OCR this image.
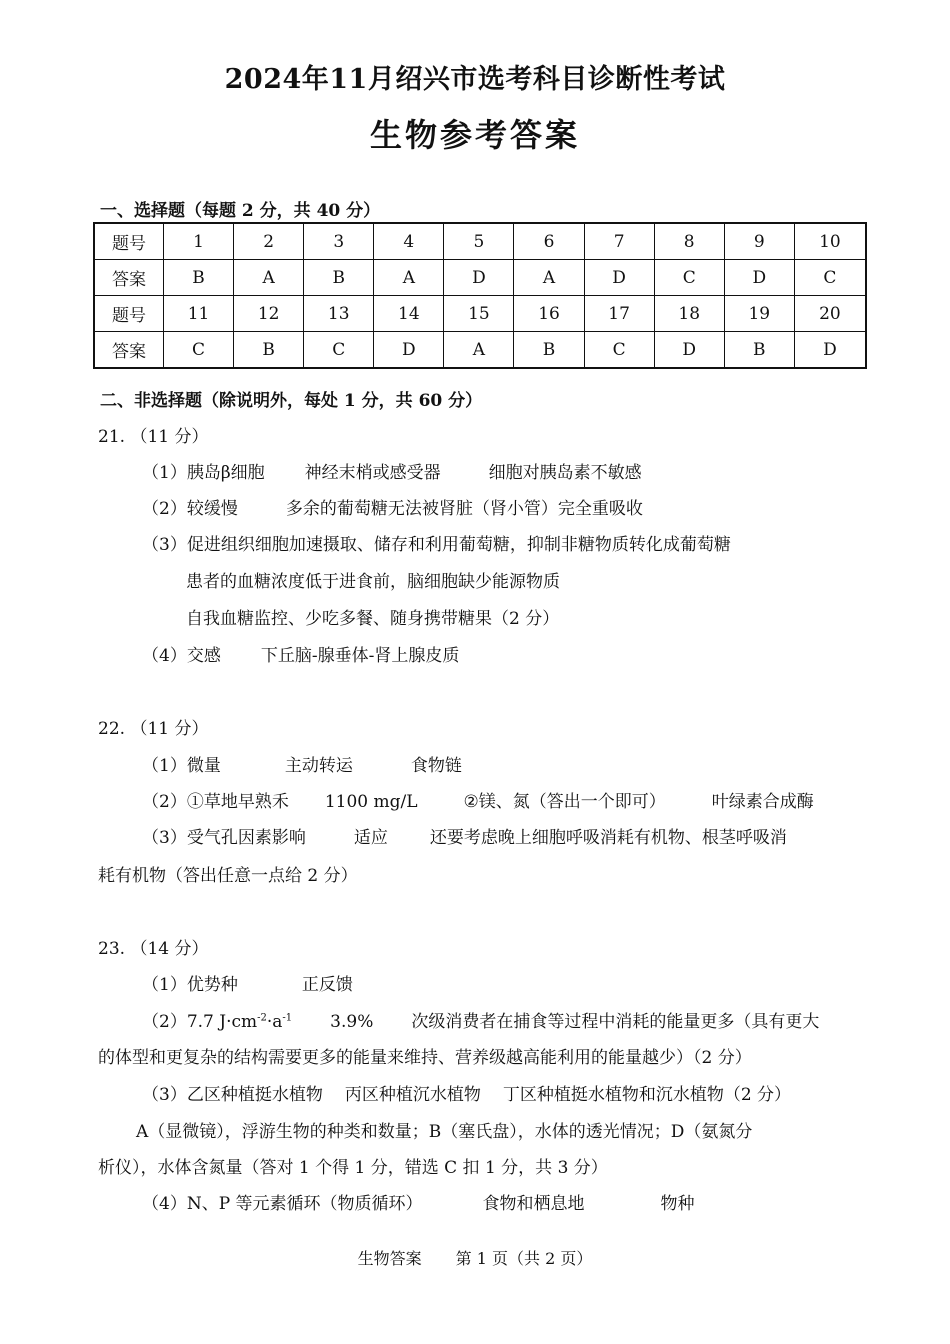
2024年11月绍兴市选考科目诊断性考试
生物参考答案
一、选择题（每题 2 分，共 40 分）
题号	1	2	3	4	5	6	7	8	9	10
答案	B	A	B	A	D	A	D	C	D	C
题号	11	12	13	14	15	16	17	18	19	20
答案	C	B	C	D	A	B	C	D	B	D
二、非选择题（除说明外，每处 1 分，共 60 分）
21. （11 分）
（1）胰岛β细胞 神经末梢或感受器	细胞对胰岛素不敏感
（2）较缓慢	多余的葡萄糖无法被肾脏（肾小管）完全重吸收
（3）促进组织细胞加速摄取、储存和利用葡萄糖，抑制非糖物质转化成葡萄糖
患者的血糖浓度低于进食前，脑细胞缺少能源物质
自我血糖监控、少吃多餐、随身携带糖果（2 分）
（4）交感 下丘脑-腺垂体-肾上腺皮质
22. （11 分）
（1）微量	主动转运	食物链
（2）①草地早熟禾 1100 mg/L	②镁、氮（答出一个即可）	叶绿素合成酶
（3）受气孔因素影响	适应 还要考虑晚上细胞呼吸消耗有机物、根茎呼吸消
耗有机物（答出任意一点给 2 分）
23. （14 分）
（1）优势种	正反馈
（2）7.7 $J\cdot cm^{-2}\cdot a^{-1}$ 3.9% 次级消费者在捕食等过程中消耗的能量更多（具有更大
的体型和更复杂的结构需要更多的能量来维持、营养级越高能利用的能量越少）（2 分）
（3）乙区种植挺水植物 丙区种植沉水植物 丁区种植挺水植物和沉水植物（2 分）
A（显微镜），浮游生物的种类和数量；B（塞氏盘），水体的透光情况；D（氨氮分
析仪），水体含氮量（答对 1 个得 1 分，错选 C 扣 1 分，共 3 分）
（4）N、P 等元素循环（物质循环）	食物和栖息地	物种
生物答案 第 1 页（共 2 页）
